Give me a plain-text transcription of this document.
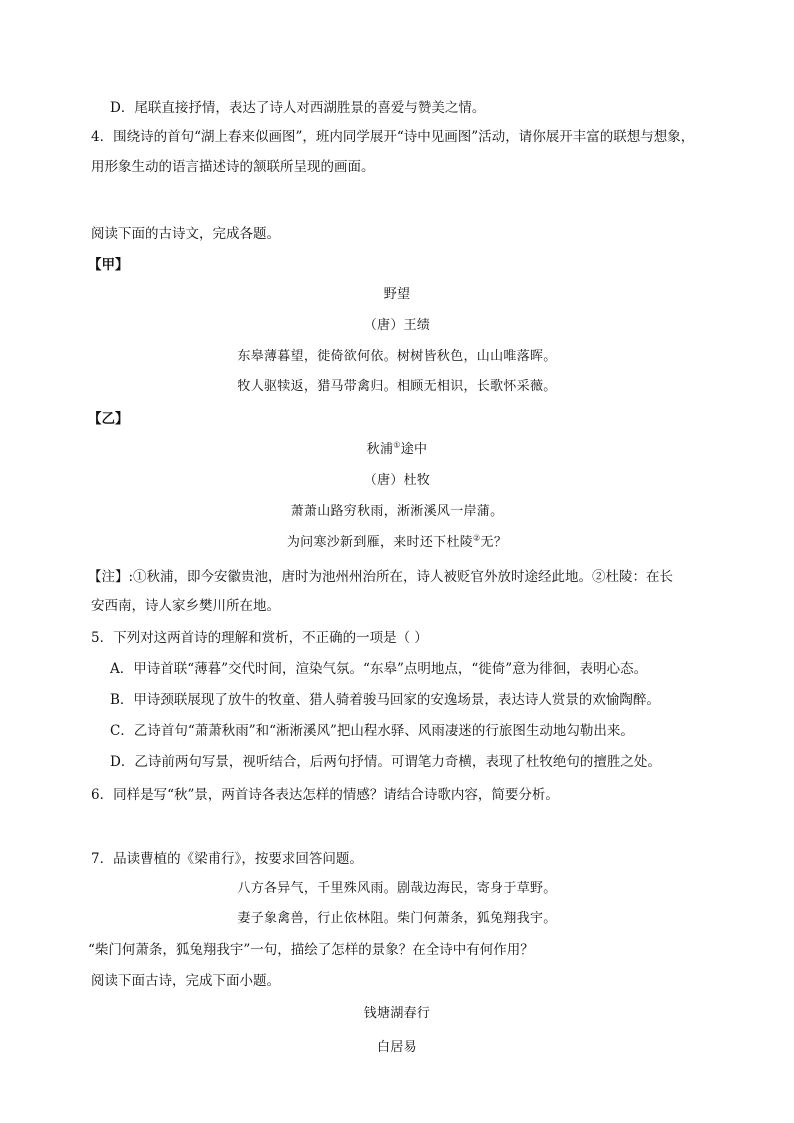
D．尾联直接抒情，表达了诗人对西湖胜景的喜爱与赞美之情。
4．围绕诗的首句“湖上春来似画图”，班内同学展开“诗中见画图”活动，请你展开丰富的联想与想象，
用形象生动的语言描述诗的颔联所呈现的画面。
阅读下面的古诗文，完成各题。
【甲】
野望
（唐）王绩
东皋薄暮望，徙倚欲何依。树树皆秋色，山山唯落晖。
牧人驱犊返，猎马带禽归。相顾无相识，长歌怀采薇。
【乙】
秋浦①途中
（唐）杜牧
萧萧山路穷秋雨，淅淅溪风一岸蒲。
为问寒沙新到雁，来时还下杜陵②无？
【注】:①秋浦，即今安徽贵池，唐时为池州州治所在，诗人被贬官外放时途经此地。②杜陵：在长
安西南，诗人家乡樊川所在地。
5．下列对这两首诗的理解和赏析，不正确的一项是（ ）
A．甲诗首联“薄暮”交代时间，渲染气氛。“东皋”点明地点，“徙倚”意为徘徊，表明心态。
B．甲诗颈联展现了放牛的牧童、猎人骑着骏马回家的安逸场景，表达诗人赏景的欢愉陶醉。
C．乙诗首句“萧萧秋雨”和“淅淅溪风”把山程水驿、风雨凄迷的行旅图生动地勾勒出来。
D．乙诗前两句写景，视听结合，后两句抒情。可谓笔力奇横，表现了杜牧绝句的擅胜之处。
6．同样是写“秋”景，两首诗各表达怎样的情感？请结合诗歌内容，简要分析。
7．品读曹植的《梁甫行》，按要求回答问题。
八方各异气，千里殊风雨。剧哉边海民，寄身于草野。
妻子象禽兽，行止依林阻。柴门何萧条，狐兔翔我宇。
“柴门何萧条，狐兔翔我宇”一句，描绘了怎样的景象？在全诗中有何作用？
阅读下面古诗，完成下面小题。
钱塘湖春行
白居易
